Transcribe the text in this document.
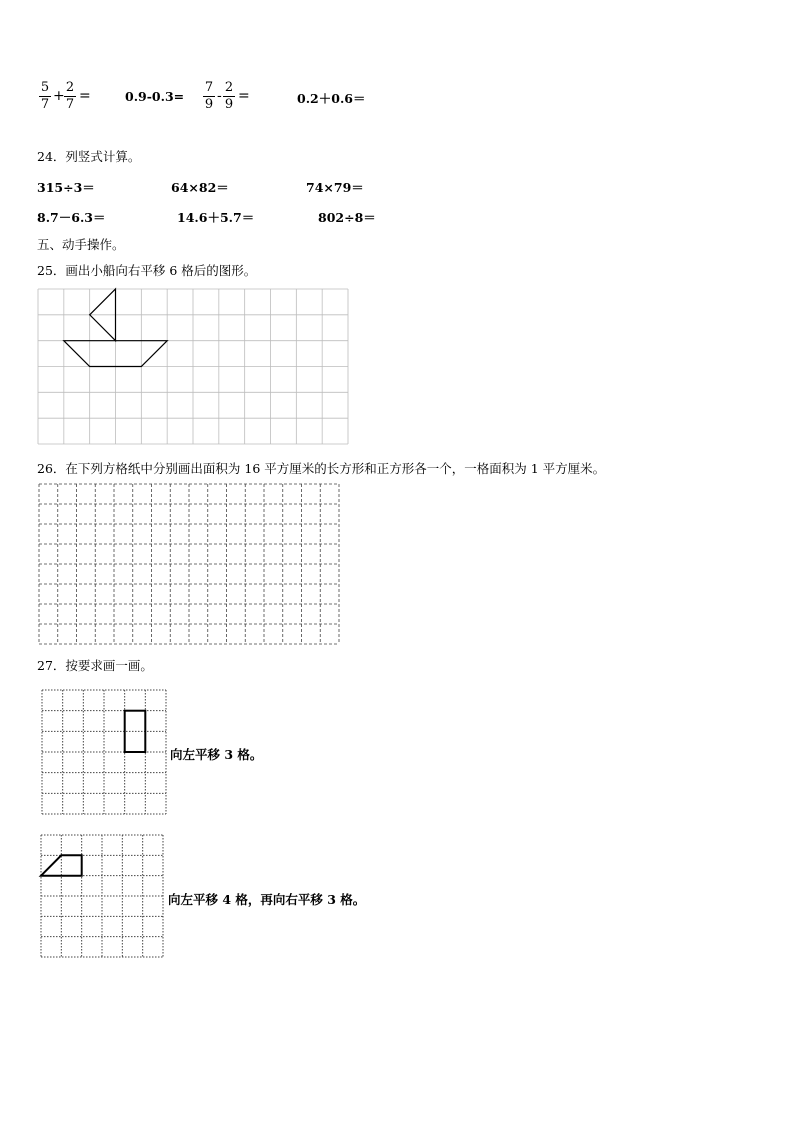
5
7
+
2
7
=	0.9-0.3=
7
9
-
2
9
=	0.2＋0.6＝
24．列竖式计算。
315÷3＝	64×82＝	74×79＝
8.7－6.3＝	14.6＋5.7＝	802÷8＝
五、动手操作。
25．画出小船向右平移 6 格后的图形。
26．在下列方格纸中分别画出面积为 16 平方厘米的长方形和正方形各一个，一格面积为 1 平方厘米。
27．按要求画一画。
向左平移 3 格。
向左平移 4 格，再向右平移 3 格。
